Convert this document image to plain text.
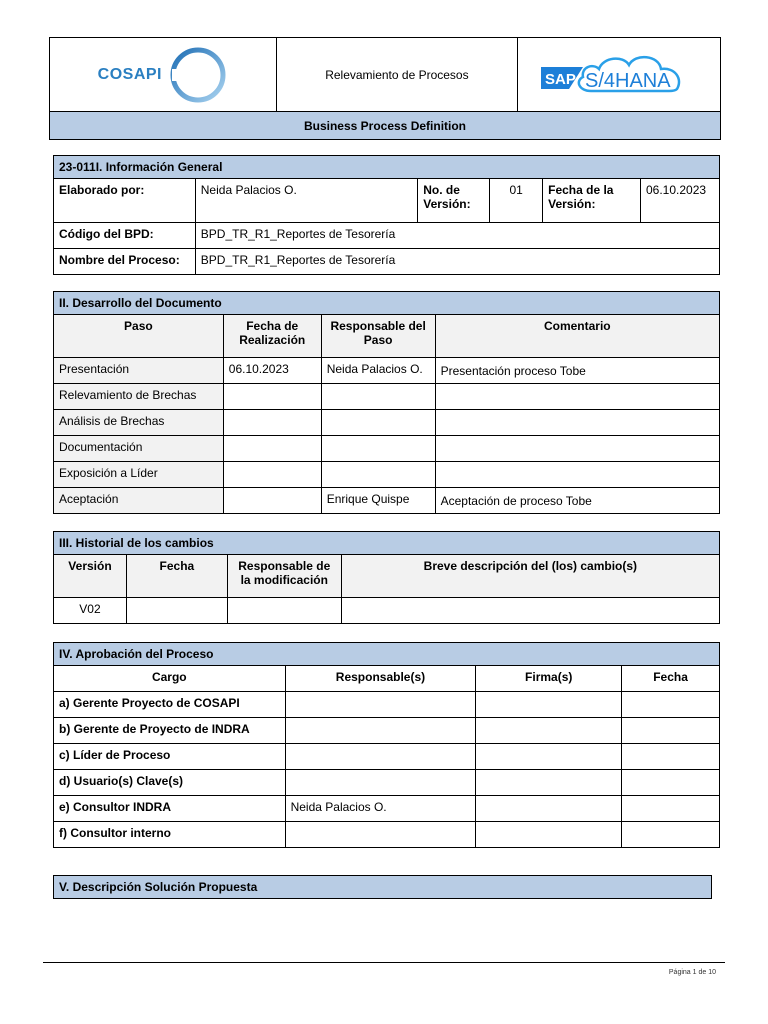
COSAPI	Relevamiento de Procesos	SAP S/4HANA

Business Process Definition
23-011I. Información General					
Elaborado por:	Neida Palacios O.	No. de Versión:	01	Fecha de la Versión:	06.10.2023
Código del BPD:	BPD_TR_R1_Reportes de Tesorería				
Nombre del Proceso:	BPD_TR_R1_Reportes de Tesorería				
II. Desarrollo del Documento			
Paso	Fecha de Realización	Responsable del Paso	Comentario
Presentación	06.10.2023	Neida Palacios O.	Presentación proceso Tobe
Relevamiento de Brechas			
Análisis de Brechas			
Documentación			
Exposición a Líder			
Aceptación		Enrique Quispe	Aceptación de proceso Tobe
III. Historial de los cambios			
Versión	Fecha	Responsable de la modificación	Breve descripción del (los) cambio(s)
V02			
IV. Aprobación del Proceso			
Cargo	Responsable(s)	Firma(s)	Fecha
a) Gerente Proyecto de COSAPI			
b) Gerente de Proyecto de INDRA			
c) Líder de Proceso			
d) Usuario(s) Clave(s)			
e) Consultor INDRA	Neida Palacios O.		
f) Consultor interno			
V. Descripción Solución Propuesta
Página 1 de 10
